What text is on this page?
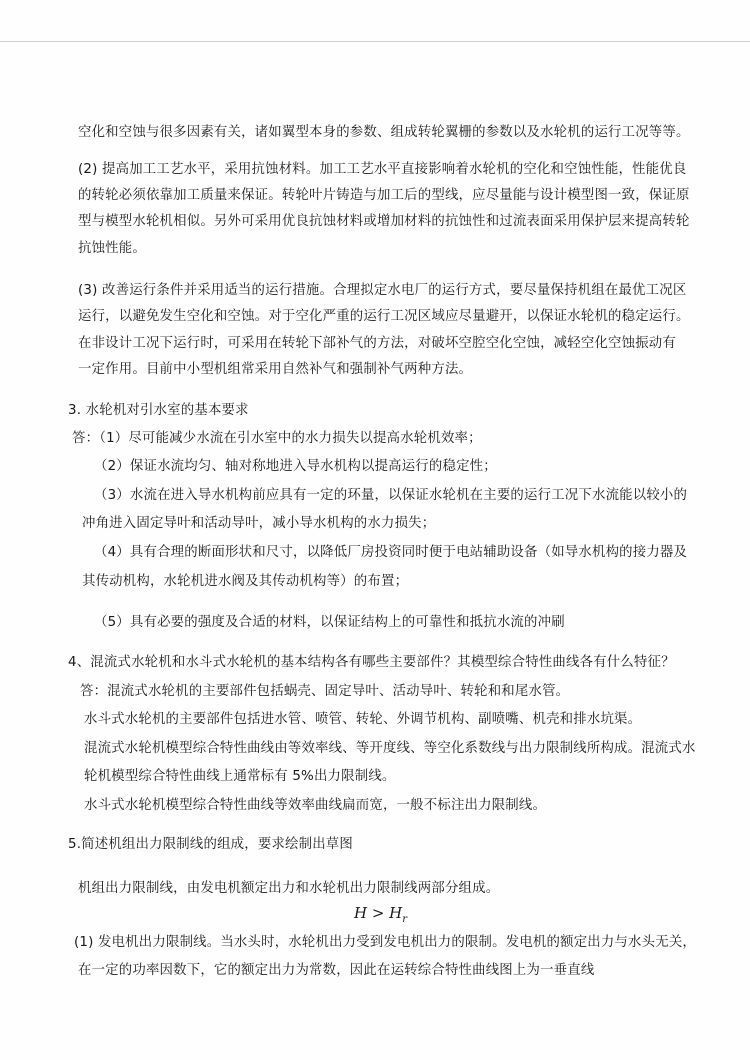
空化和空蚀与很多因素有关，诸如翼型本身的参数、组成转轮翼栅的参数以及水轮机的运行工况等等。
(2) 提高加工工艺水平，采用抗蚀材料。加工工艺水平直接影响着水轮机的空化和空蚀性能，性能优良
的转轮必须依靠加工质量来保证。转轮叶片铸造与加工后的型线，应尽量能与设计模型图一致，保证原
型与模型水轮机相似。另外可采用优良抗蚀材料或增加材料的抗蚀性和过流表面采用保护层来提高转轮
抗蚀性能。
(3) 改善运行条件并采用适当的运行措施。合理拟定水电厂的运行方式，要尽量保持机组在最优工况区
运行，以避免发生空化和空蚀。对于空化严重的运行工况区域应尽量避开，以保证水轮机的稳定运行。
在非设计工况下运行时，可采用在转轮下部补气的方法，对破坏空腔空化空蚀，减轻空化空蚀振动有
一定作用。目前中小型机组常采用自然补气和强制补气两种方法。
3. 水轮机对引水室的基本要求
答：（1）尽可能减少水流在引水室中的水力损失以提高水轮机效率；
（2）保证水流均匀、轴对称地进入导水机构以提高运行的稳定性；
（3）水流在进入导水机构前应具有一定的环量，以保证水轮机在主要的运行工况下水流能以较小的
冲角进入固定导叶和活动导叶，减小导水机构的水力损失；
（4）具有合理的断面形状和尺寸，以降低厂房投资同时便于电站辅助设备（如导水机构的接力器及
其传动机构，水轮机进水阀及其传动机构等）的布置；
（5）具有必要的强度及合适的材料，以保证结构上的可靠性和抵抗水流的冲刷
4、混流式水轮机和水斗式水轮机的基本结构各有哪些主要部件？其模型综合特性曲线各有什么特征？
答：混流式水轮机的主要部件包括蜗壳、固定导叶、活动导叶、转轮和和尾水管。
水斗式水轮机的主要部件包括进水管、喷管、转轮、外调节机构、副喷嘴、机壳和排水坑渠。
混流式水轮机模型综合特性曲线由等效率线、等开度线、等空化系数线与出力限制线所构成。混流式水
轮机模型综合特性曲线上通常标有 5%出力限制线。
水斗式水轮机模型综合特性曲线等效率曲线扁而宽，一般不标注出力限制线。
5.简述机组出力限制线的组成，要求绘制出草图
机组出力限制线，由发电机额定出力和水轮机出力限制线两部分组成。
$H > H_r$
(1) 发电机出力限制线。当水头时，水轮机出力受到发电机出力的限制。发电机的额定出力与水头无关，
在一定的功率因数下，它的额定出力为常数，因此在运转综合特性曲线图上为一垂直线
